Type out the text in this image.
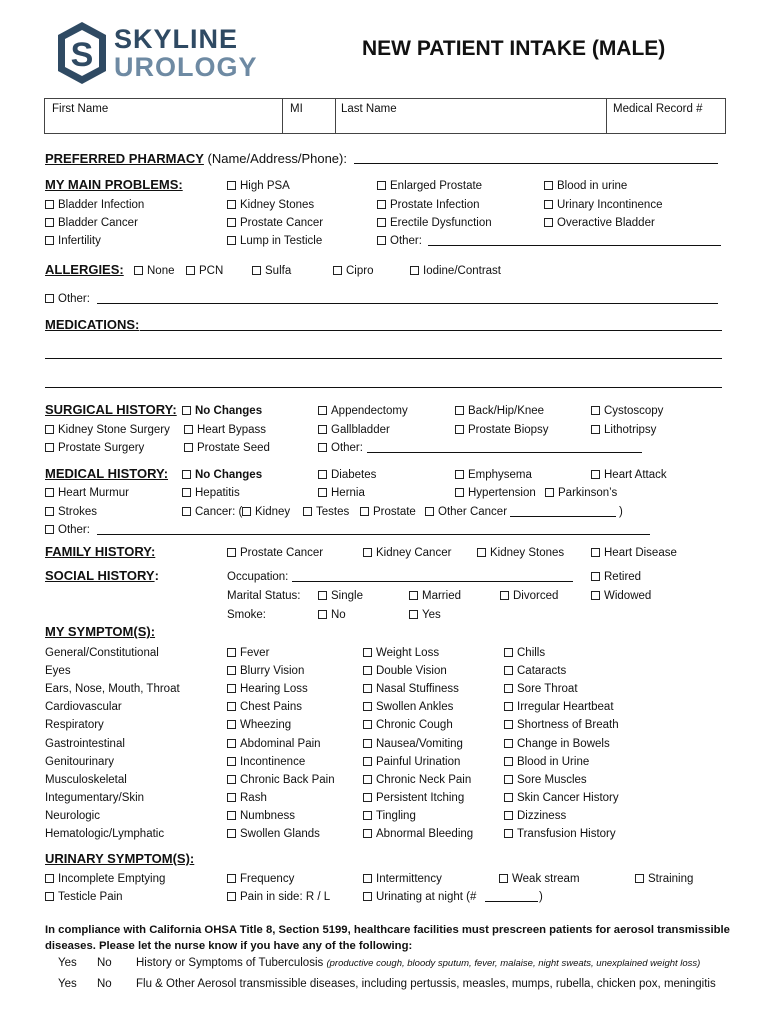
S SKYLINE
UROLOGY
NEW PATIENT INTAKE (MALE)
First Name	MI	Last Name	Medical Record #
PREFERRED PHARMACY (Name/Address/Phone):
MY MAIN PROBLEMS:	High PSA	Enlarged Prostate	Blood in urine
Bladder Infection	Kidney Stones	Prostate Infection	Urinary Incontinence
Bladder Cancer	Prostate Cancer	Erectile Dysfunction	Overactive Bladder
Infertility	Lump in Testicle	Other:
ALLERGIES:	None	PCN	Sulfa	Cipro	Iodine/Contrast
Other:
MEDICATIONS:
SURGICAL HISTORY:	No Changes	Appendectomy	Back/Hip/Knee	Cystoscopy
Kidney Stone Surgery	Heart Bypass	Gallbladder	Prostate Biopsy	Lithotripsy
Prostate Surgery	Prostate Seed	Other:
MEDICAL HISTORY:	No Changes	Diabetes	Emphysema	Heart Attack
Heart Murmur	Hepatitis	Hernia	Hypertension	Parkinson’s
Strokes	Cancer: (	Kidney	Testes	Prostate	Other Cancer	)
Other:
FAMILY HISTORY:	Prostate Cancer	Kidney Cancer	Kidney Stones	Heart Disease
SOCIAL HISTORY:	Occupation:	Retired
Marital Status:	Single	Married	Divorced	Widowed
Smoke:	No	Yes
MY SYMPTOM(S):
General/Constitutional	Fever	Weight Loss	Chills
Eyes	Blurry Vision	Double Vision	Cataracts
Ears, Nose, Mouth, Throat	Hearing Loss	Nasal Stuffiness	Sore Throat
Cardiovascular	Chest Pains	Swollen Ankles	Irregular Heartbeat
Respiratory	Wheezing	Chronic Cough	Shortness of Breath
Gastrointestinal	Abdominal Pain	Nausea/Vomiting	Change in Bowels
Genitourinary	Incontinence	Painful Urination	Blood in Urine
Musculoskeletal	Chronic Back Pain	Chronic Neck Pain	Sore Muscles
Integumentary/Skin	Rash	Persistent Itching	Skin Cancer History
Neurologic	Numbness	Tingling	Dizziness
Hematologic/Lymphatic	Swollen Glands	Abnormal Bleeding	Transfusion History
URINARY SYMPTOM(S):
Incomplete Emptying	Frequency	Intermittency	Weak stream	Straining
Testicle Pain	Pain in side: R / L	Urinating at night (#	)
In compliance with California OHSA Title 8, Section 5199, healthcare facilities must prescreen patients for aerosol transmissible
diseases. Please let the nurse know if you have any of the following:
Yes No History or Symptoms of Tuberculosis (productive cough, bloody sputum, fever, malaise, night sweats, unexplained weight loss)
Yes No Flu & Other Aerosol transmissible diseases, including pertussis, measles, mumps, rubella, chicken pox, meningitis
